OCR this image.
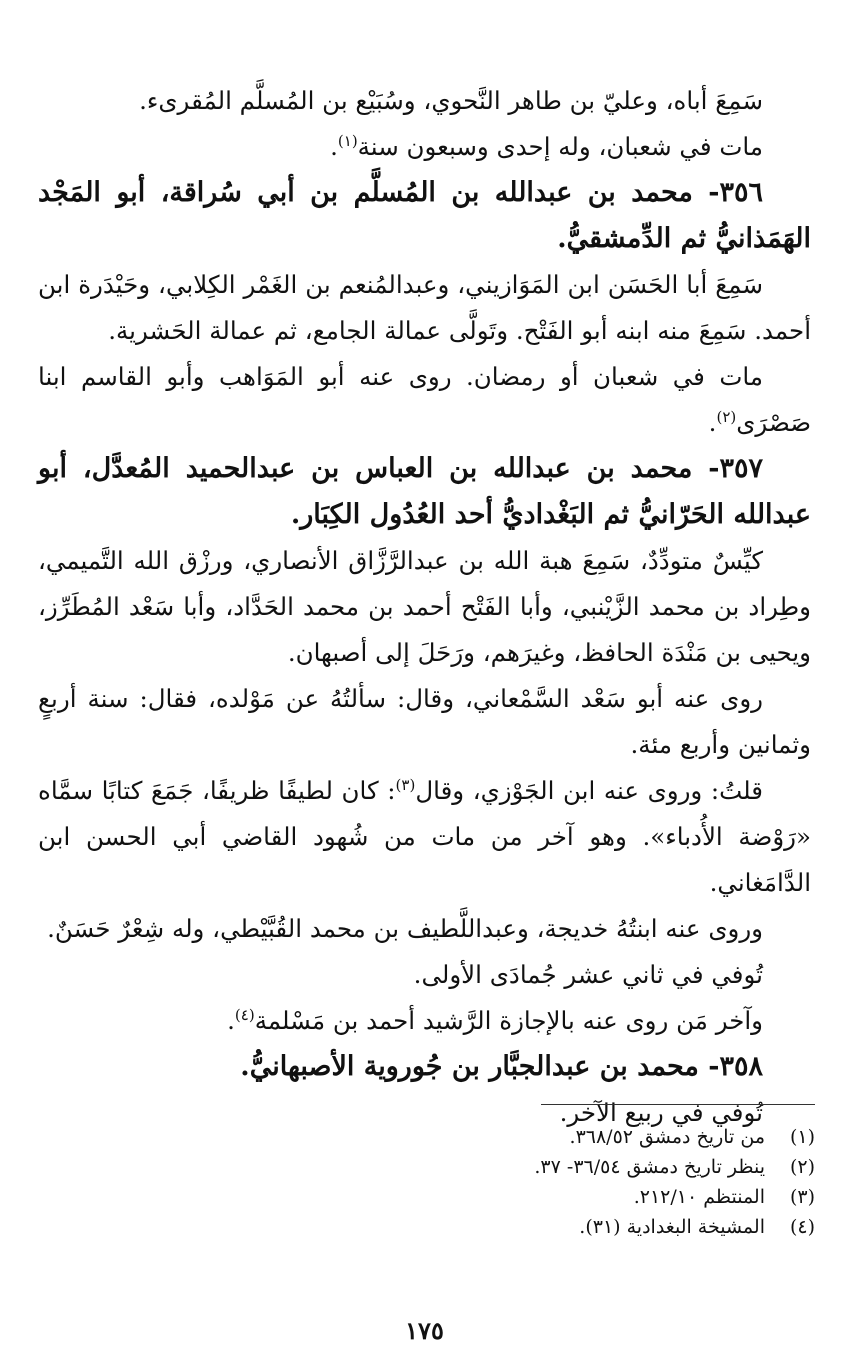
سَمِعَ أباه، وعليّ بن طاهر النَّحوي، وسُبَيْع بن المُسلَّم المُقرىء.

مات في شعبان، وله إحدى وسبعون سنة$^{(١)}$.

٣٥٦- محمد بن عبدالله بن المُسلَّم بن أبي سُراقة، أبو المَجْد الهَمَذانيُّ ثم الدِّمشقيُّ.

سَمِعَ أبا الحَسَن ابن المَوَازيني، وعبدالمُنعم بن الغَمْر الكِلابي، وحَيْدَرة ابن أحمد. سَمِعَ منه ابنه أبو الفَتْح. وتَولَّى عمالة الجامع، ثم عمالة الحَشرية.

مات في شعبان أو رمضان. روى عنه أبو المَوَاهب وأبو القاسم ابنا صَصْرَى$^{(٢)}$.

٣٥٧- محمد بن عبدالله بن العباس بن عبدالحميد المُعدَّل، أبو عبدالله الحَرّانيُّ ثم البَغْداديُّ أحد العُدُول الكِبَار.

كيِّسٌ متودِّدٌ، سَمِعَ هبة الله بن عبدالرَّزَّاق الأنصاري، ورزْق الله التَّميمي، وطِراد بن محمد الزَّيْنبي، وأبا الفَتْح أحمد بن محمد الحَدَّاد، وأبا سَعْد المُطَرِّز، ويحيى بن مَنْدَة الحافظ، وغيرَهم، ورَحَلَ إلى أصبهان.

روى عنه أبو سَعْد السَّمْعاني، وقال: سألتُهُ عن مَوْلده، فقال: سنة أربعٍ وثمانين وأربع مئة.

قلتُ: وروى عنه ابن الجَوْزي، وقال$^{(٣)}$: كان لطيفًا ظريفًا، جَمَعَ كتابًا سمَّاه «رَوْضة الأُدباء». وهو آخر من مات من شُهود القاضي أبي الحسن ابن الدَّامَغاني.

وروى عنه ابنتُهُ خديجة، وعبداللَّطيف بن محمد القُبَّيْطي، وله شِعْرٌ حَسَنٌ.

تُوفي في ثاني عشر جُمادَى الأولى.

وآخر مَن روى عنه بالإجازة الرَّشيد أحمد بن مَسْلمة$^{(٤)}$.

٣٥٨- محمد بن عبدالجبَّار بن جُوروية الأصبهانيُّ.

تُوفي في ربيع الآخر.

(١)من تاريخ دمشق ٣٦٨/٥٢.

(٢)ينظر تاريخ دمشق ٣٦/٥٤- ٣٧.

(٣)المنتظم ٢١٢/١٠.

(٤)المشيخة البغدادية (٣١).

١٧٥
